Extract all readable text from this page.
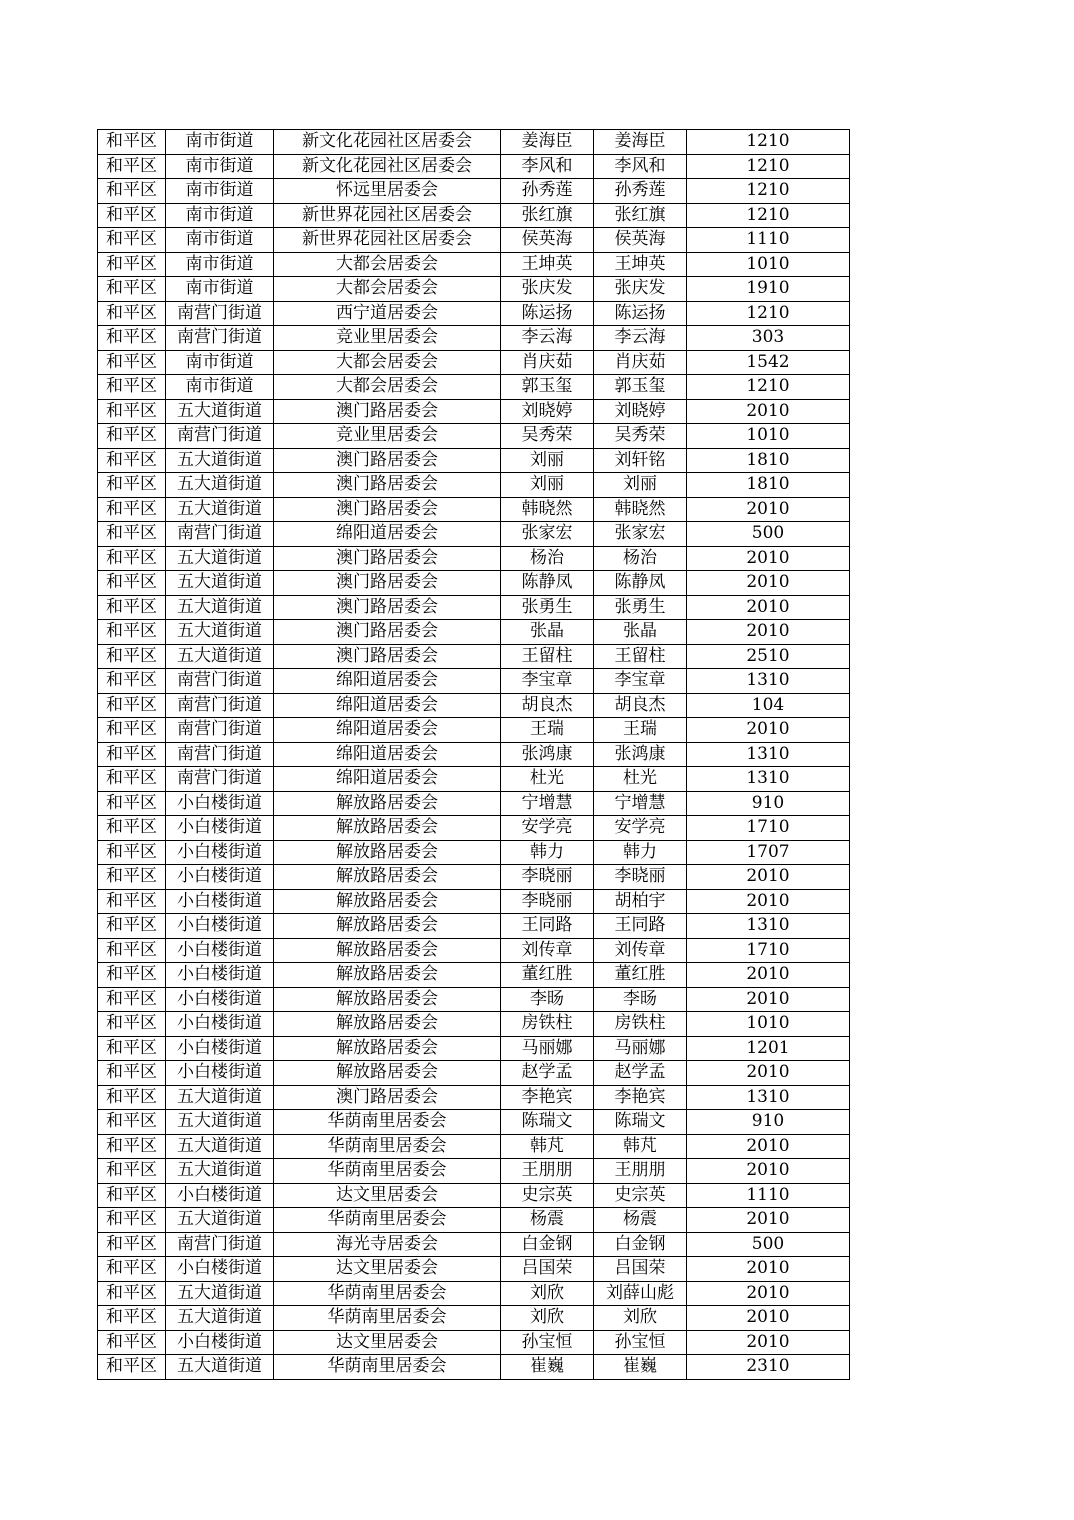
和平区	南市街道	新文化花园社区居委会	姜海臣	姜海臣	1210
和平区	南市街道	新文化花园社区居委会	李风和	李风和	1210
和平区	南市街道	怀远里居委会	孙秀莲	孙秀莲	1210
和平区	南市街道	新世界花园社区居委会	张红旗	张红旗	1210
和平区	南市街道	新世界花园社区居委会	侯英海	侯英海	1110
和平区	南市街道	大都会居委会	王坤英	王坤英	1010
和平区	南市街道	大都会居委会	张庆发	张庆发	1910
和平区	南营门街道	西宁道居委会	陈运扬	陈运扬	1210
和平区	南营门街道	竞业里居委会	李云海	李云海	303
和平区	南市街道	大都会居委会	肖庆茹	肖庆茹	1542
和平区	南市街道	大都会居委会	郭玉玺	郭玉玺	1210
和平区	五大道街道	澳门路居委会	刘晓婷	刘晓婷	2010
和平区	南营门街道	竞业里居委会	吴秀荣	吴秀荣	1010
和平区	五大道街道	澳门路居委会	刘丽	刘轩铭	1810
和平区	五大道街道	澳门路居委会	刘丽	刘丽	1810
和平区	五大道街道	澳门路居委会	韩晓然	韩晓然	2010
和平区	南营门街道	绵阳道居委会	张家宏	张家宏	500
和平区	五大道街道	澳门路居委会	杨治	杨治	2010
和平区	五大道街道	澳门路居委会	陈静凤	陈静凤	2010
和平区	五大道街道	澳门路居委会	张勇生	张勇生	2010
和平区	五大道街道	澳门路居委会	张晶	张晶	2010
和平区	五大道街道	澳门路居委会	王留柱	王留柱	2510
和平区	南营门街道	绵阳道居委会	李宝章	李宝章	1310
和平区	南营门街道	绵阳道居委会	胡良杰	胡良杰	104
和平区	南营门街道	绵阳道居委会	王瑞	王瑞	2010
和平区	南营门街道	绵阳道居委会	张鸿康	张鸿康	1310
和平区	南营门街道	绵阳道居委会	杜光	杜光	1310
和平区	小白楼街道	解放路居委会	宁增慧	宁增慧	910
和平区	小白楼街道	解放路居委会	安学亮	安学亮	1710
和平区	小白楼街道	解放路居委会	韩力	韩力	1707
和平区	小白楼街道	解放路居委会	李晓丽	李晓丽	2010
和平区	小白楼街道	解放路居委会	李晓丽	胡柏宇	2010
和平区	小白楼街道	解放路居委会	王同路	王同路	1310
和平区	小白楼街道	解放路居委会	刘传章	刘传章	1710
和平区	小白楼街道	解放路居委会	董红胜	董红胜	2010
和平区	小白楼街道	解放路居委会	李旸	李旸	2010
和平区	小白楼街道	解放路居委会	房铁柱	房铁柱	1010
和平区	小白楼街道	解放路居委会	马丽娜	马丽娜	1201
和平区	小白楼街道	解放路居委会	赵学孟	赵学孟	2010
和平区	五大道街道	澳门路居委会	李艳宾	李艳宾	1310
和平区	五大道街道	华荫南里居委会	陈瑞文	陈瑞文	910
和平区	五大道街道	华荫南里居委会	韩芃	韩芃	2010
和平区	五大道街道	华荫南里居委会	王朋朋	王朋朋	2010
和平区	小白楼街道	达文里居委会	史宗英	史宗英	1110
和平区	五大道街道	华荫南里居委会	杨震	杨震	2010
和平区	南营门街道	海光寺居委会	白金钢	白金钢	500
和平区	小白楼街道	达文里居委会	吕国荣	吕国荣	2010
和平区	五大道街道	华荫南里居委会	刘欣	刘薛山彪	2010
和平区	五大道街道	华荫南里居委会	刘欣	刘欣	2010
和平区	小白楼街道	达文里居委会	孙宝恒	孙宝恒	2010
和平区	五大道街道	华荫南里居委会	崔巍	崔巍	2310
